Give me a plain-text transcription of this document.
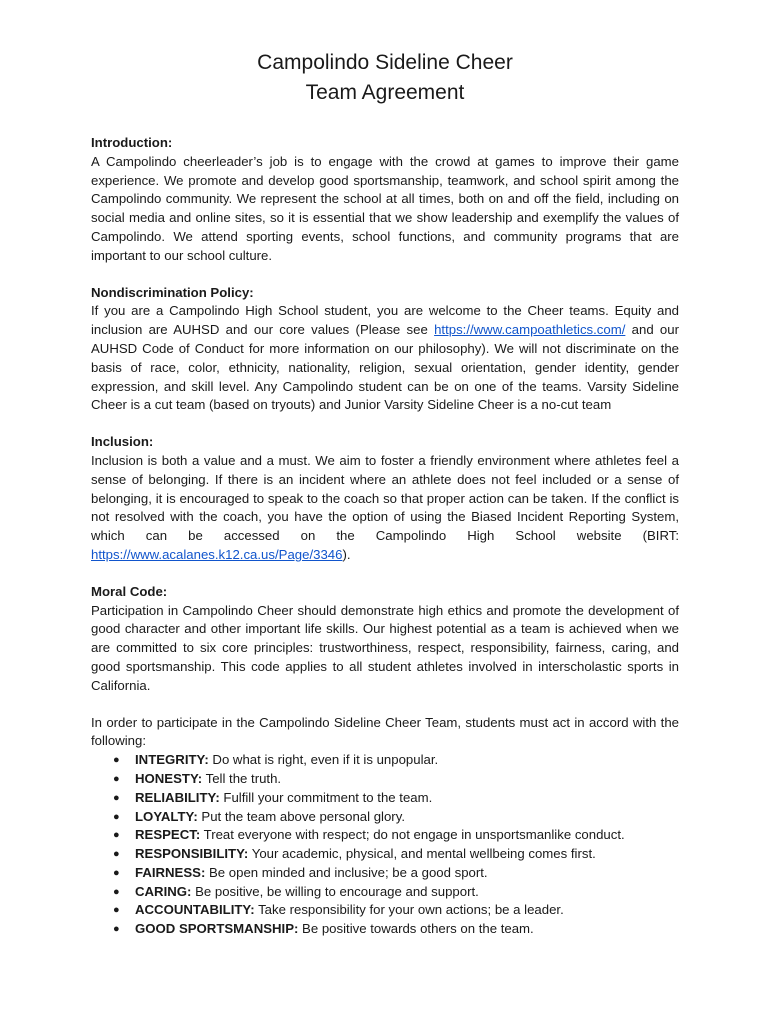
Campolindo Sideline Cheer
Team Agreement
Introduction:
A Campolindo cheerleader’s job is to engage with the crowd at games to improve their game experience. We promote and develop good sportsmanship, teamwork, and school spirit among the Campolindo community. We represent the school at all times, both on and off the field, including on social media and online sites, so it is essential that we show leadership and exemplify the values of Campolindo. We attend sporting events, school functions, and community programs that are important to our school culture.
Nondiscrimination Policy:
If you are a Campolindo High School student, you are welcome to the Cheer teams. Equity and inclusion are AUHSD and our core values (Please see https://www.campoathletics.com/ and our AUHSD Code of Conduct for more information on our philosophy). We will not discriminate on the basis of race, color, ethnicity, nationality, religion, sexual orientation, gender identity, gender expression, and skill level. Any Campolindo student can be on one of the teams. Varsity Sideline Cheer is a cut team (based on tryouts) and Junior Varsity Sideline Cheer is a no-cut team
Inclusion:
Inclusion is both a value and a must. We aim to foster a friendly environment where athletes feel a sense of belonging. If there is an incident where an athlete does not feel included or a sense of belonging, it is encouraged to speak to the coach so that proper action can be taken. If the conflict is not resolved with the coach, you have the option of using the Biased Incident Reporting System, which can be accessed on the Campolindo High School website (BIRT: https://www.acalanes.k12.ca.us/Page/3346).
Moral Code:
Participation in Campolindo Cheer should demonstrate high ethics and promote the development of good character and other important life skills. Our highest potential as a team is achieved when we are committed to six core principles: trustworthiness, respect, responsibility, fairness, caring, and good sportsmanship. This code applies to all student athletes involved in interscholastic sports in California.
In order to participate in the Campolindo Sideline Cheer Team, students must act in accord with the following:
● INTEGRITY: Do what is right, even if it is unpopular.
● HONESTY: Tell the truth.
● RELIABILITY: Fulfill your commitment to the team.
● LOYALTY: Put the team above personal glory.
● RESPECT: Treat everyone with respect; do not engage in unsportsmanlike conduct.
● RESPONSIBILITY: Your academic, physical, and mental wellbeing comes first.
● FAIRNESS: Be open minded and inclusive; be a good sport.
● CARING: Be positive, be willing to encourage and support.
● ACCOUNTABILITY: Take responsibility for your own actions; be a leader.
● GOOD SPORTSMANSHIP: Be positive towards others on the team.
